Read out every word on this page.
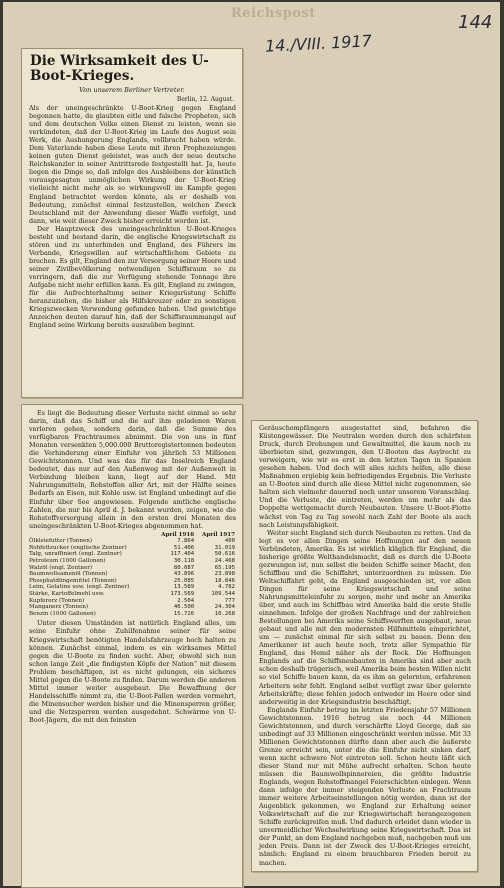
Reichspost
14./VIII. 1917
144
Die Wirksamkeit des U-Boot-Krieges.
Von unserem Berliner Vertreter.
Berlin, 12. August.
Als der uneingeschränkte U-Boot-Krieg gegen England begonnen hatte, da glaubten eitle und falsche Propheten, sich und dem deutschen Volke einen Dienst zu leisten, wenn sie verkündeten, daß der U-Boot-Krieg im Laufe des August sein Werk, die Aushungerung Englands, vollbracht haben würde. Dem Vaterlande haben diese Leute mit ihren Prophezeiungen keinen guten Dienst geleistet, was auch der neue deutsche Reichskanzler in seiner Antrittsrede festgestellt hat. Ja, heute liegen die Dinge so, daß infolge des Ausbleibens der künstlich vorausgesagten unmöglichen Wirkung der U-Boot-Krieg vielleicht nicht mehr als so wirkungsvoll im Kampfe gegen England betrachtet werden könnte, als er deshalb von Bedeutung, zunächst einmal festzustellen, welchen Zweck Deutschland mit der Anwendung dieser Waffe verfolgt, und dann, wie weit dieser Zweck bisher erreicht worden ist.
Der Hauptzweck des uneingeschränkten U-Boot-Krieges besteht und bestand darin, die englische Kriegswirtschaft zu stören und zu unterbinden und England, des Führers im Verbande, Kriegswillen auf wirtschaftlichem Gebiete zu brechen. Es gilt, England den zur Versorgung seiner Heere und seiner Zivilbevölkerung notwendigen Schiffsraum so zu verringern, daß die zur Verfügung stehende Tonnage ihre Aufgabe nicht mehr erfüllen kann. Es gilt, England zu zwingen, für die Aufrechterhaltung seiner Kriegsrüstung Schiffe heranzuziehen, die bisher als Hilfskreuzer oder zu sonstigen Kriegszwecken Verwendung gefunden haben. Und gewichtige Anzeichen deuten darauf hin, daß der Schiffsraummangel auf England seine Wirkung bereits auszuüben beginnt.
Es liegt die Bedeutung dieser Verluste nicht einmal so sehr darin, daß das Schiff und die auf ihm geladenen Waren verloren gehen, sondern darin, daß die Summe des verfügbaren Frachtraumes abnimmt. Die von uns in fünf Monaten versenkten 5,000.000 Bruttoregistertonnen bedeuten die Verhinderung einer Einfuhr von jährlich 53 Millionen Gewichtstonnen. Und was das für das Inselreich England bedeutet, das nur auf den Außenweg mit der Außenwelt in Verbindung bleiben kann, liegt auf der Hand. Mit Nahrungsmitteln, Rohstoffen aller Art, mit der Hälfte seines Bedarfs an Eisen, mit Kohle usw. ist England unbedingt auf die Einfuhr über See angewiesen. Folgende amtliche englische Zahlen, die nur bis April d. J. bekannt wurden, zeigen, wie die Rohstoffversorgung allein in den ersten drei Monaten des uneingeschränkten U-Boot-Krieges abgenommen hat.
	April 1916	April 1917
Ölkleiefutter (Tonnen)	7.864	400
Rohfettzucker (englische Zentner)	51.406	31.019
Talg, unraffiniert (engl. Zentner)	117.404	50.616
Petroleum (1000 Gallonen)	30.118	24.468
Walzöl (engl. Zentner)	80.087	65.195
Baumwollsamenöl (Tonnen)	43.896	23.898
Phosphatdüngemittel (Tonnen)	25.085	18.846
Leim, Gelatine usw. (engl. Zentner)	13.589	4.782
Stärke, Kartoffelmehl usw.	173.569	109.544
Kupfererz (Tonnen)	2.504	777
Manganerz (Tonnen)	46.500	24.304
Benzin (1000 Gallonen)	15.726	10.268
Unter diesen Umständen ist natürlich England alles, um seine Einfuhr ohne Zuhilfenahme seiner für seine Kriegswirtschaft benötigten Handelsfahrzeuge hoch halten zu können. Zunächst einmal, indem es ein wirksames Mittel gegen die U-Boote zu finden sucht. Aber, obwohl sich nun schon lange Zeit „die findigsten Köpfe der Nation“ mit diesem Problem beschäftigen, ist es nicht gelungen, ein sicheres Mittel gegen die U-Boote zu finden. Darum werden die anderen Mittel immer weiter ausgebaut. Die Bewaffnung der Handelsschiffe nimmt zu, die U-Boot-Fallen werden vermehrt, die Minensucher werden bisher und die Minensperren größer, und die Netzsperren werden ausgedehnt. Schwärme von U-Boot-Jägern, die mit den feinsten
Geräuschempfängern ausgestattet sind, befahren die Küstengewässer. Die Neutralen werden durch den schärfsten Druck, durch Drohungen und Gewaltmittel, die kaum noch zu überbieten sind, gezwungen, den U-Booten das Asylrecht zu verweigern, wie wir es erst in den letzten Tagen in Spanien gesehen haben. Und doch will alles nichts helfen, alle diese Maßnahmen ergiebig kein befriedigendes Ergebnis. Die Verluste an U-Booten sind durch alle diese Mittel nicht zugenommen, sie halten sich vielmehr dauernd noch unter unserem Voranschlag. Und die Verluste, die eintreten, werden um mehr als das Doppelte wettgemacht durch Neubauten. Unsere U-Boot-Flotte wächst von Tag zu Tag sowohl nach Zahl der Boote als auch nach Leistungsfähigkeit.
Weiter sucht England sich durch Neubauten zu retten. Und da legt es vor allen Dingen seine Hoffnungen auf den neuen Verbündeten, Amerika. Es ist wirklich kläglich für England, die bisherige größte Welthandelsmacht, daß es durch die U-Boote gezwungen ist, nun selbst die beiden Schiffe seiner Macht, den Schiffbau und die Schiffahrt, unterzuordnen zu müssen. Die Weltschiffahrt geht, da England ausgeschieden ist, vor allen Dingen für seine Kriegswirtschaft und seine Nahrungsmitteleinfuhr zu sorgen, mehr und mehr an Amerika über, und auch im Schiffbau wird Amerika bald die erste Stelle einnehmen. Infolge der großen Nachfrage und der zahlreichen Bestellungen bei Amerika seine Schiffswerften ausgebaut, neue gebaut und alle mit den modernsten Hilfsmitteln eingerichtet, um — zunächst einmal für sich selbst zu bauen. Denn den Amerikaner ist auch heute noch, trotz aller Sympathie für England, das Hemd näher als der Rock. Die Hoffnungen Englands auf die Schiffsneubauten in Amerika sind aber auch schon deshalb trügerisch, weil Amerika beim besten Willen nicht so viel Schiffe bauen kann, da es ihm an gelernten, erfahrenen Arbeitern sehr fehlt. England selbst verfügt zwar über gelernte Arbeitskräfte; diese fehlen jedoch entweder im Heere oder sind anderweitig in der Kriegsindustrie beschäftigt.
Englands Einfuhr betrug im letzten Friedensjahr 57 Millionen Gewichtstonnen. 1916 betrug sie noch 44 Millionen Gewichtstonnen, und durch verschärfte Lloyd George, daß sie unbedingt auf 33 Millionen eingeschränkt werden müsse. Mit 33 Millionen Gewichtstonnen dürfte dann aber auch die äußerste Grenze erreicht sein, unter die die Einfuhr nicht sinken darf, wenn nicht schwere Not eintreten soll. Schon heute läßt sich dieser Stand nur mit Mühe aufrecht erhalten. Schon heute müssen die Baumwollspinnereien, die größte Industrie Englands, wegen Rohstoffmangel Feierschichten einlegen. Wenn dann infolge der immer steigenden Verluste an Frachtraum immer weitere Arbeitseinstellungen nötig werden, dann ist der Augenblick gekommen, wo England zur Erhaltung seiner Volkswirtschaft auf die zur Kriegswirtschaft herangezogenen Schiffe zurückgreifen muß. Und dadurch erleidet dann wieder in unvermeidlicher Wechselwirkung seine Kriegswirtschaft. Das ist der Punkt, an dem England nachgeben muß, nachgeben muß um jeden Preis. Dann ist der Zweck des U-Boot-Krieges erreicht, nämlich: England zu einem brauchbaren Frieden bereit zu machen.
